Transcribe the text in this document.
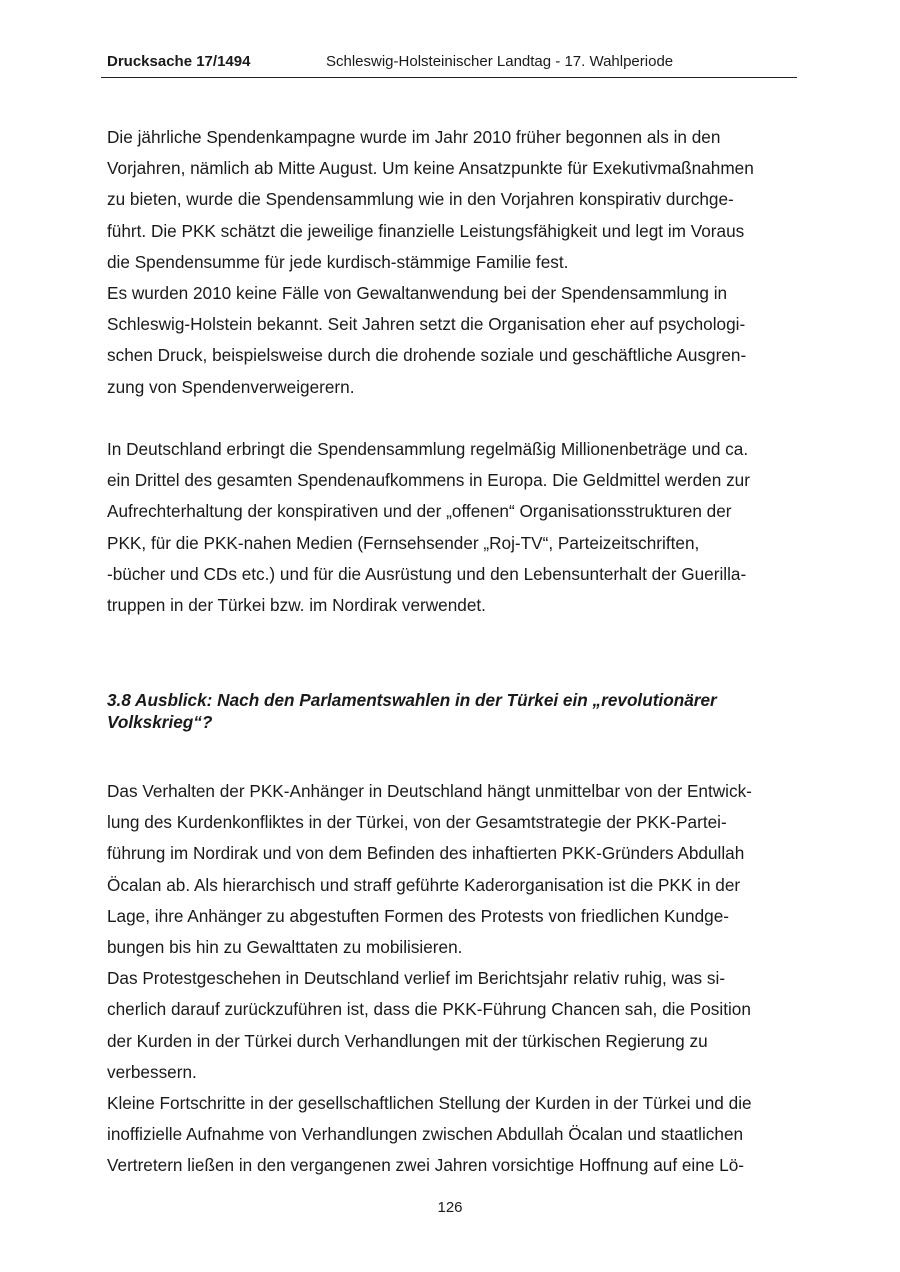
Drucksache 17/1494	Schleswig-Holsteinischer Landtag - 17. Wahlperiode
Die jährliche Spendenkampagne wurde im Jahr 2010 früher begonnen als in den
Vorjahren, nämlich ab Mitte August. Um keine Ansatzpunkte für Exekutivmaßnahmen
zu bieten, wurde die Spendensammlung wie in den Vorjahren konspirativ durchge-
führt. Die PKK schätzt die jeweilige finanzielle Leistungsfähigkeit und legt im Voraus
die Spendensumme für jede kurdisch-stämmige Familie fest.
Es wurden 2010 keine Fälle von Gewaltanwendung bei der Spendensammlung in
Schleswig-Holstein bekannt. Seit Jahren setzt die Organisation eher auf psychologi-
schen Druck, beispielsweise durch die drohende soziale und geschäftliche Ausgren-
zung von Spendenverweigerern.
In Deutschland erbringt die Spendensammlung regelmäßig Millionenbeträge und ca.
ein Drittel des gesamten Spendenaufkommens in Europa. Die Geldmittel werden zur
Aufrechterhaltung der konspirativen und der „offenen“ Organisationsstrukturen der
PKK, für die PKK-nahen Medien (Fernsehsender „Roj-TV“, Parteizeitschriften,
-bücher und CDs etc.) und für die Ausrüstung und den Lebensunterhalt der Guerilla-
truppen in der Türkei bzw. im Nordirak verwendet.
3.8 Ausblick: Nach den Parlamentswahlen in der Türkei ein „revolutionärer
Volkskrieg“?
Das Verhalten der PKK-Anhänger in Deutschland hängt unmittelbar von der Entwick-
lung des Kurdenkonfliktes in der Türkei, von der Gesamtstrategie der PKK-Partei-
führung im Nordirak und von dem Befinden des inhaftierten PKK-Gründers Abdullah
Öcalan ab. Als hierarchisch und straff geführte Kaderorganisation ist die PKK in der
Lage, ihre Anhänger zu abgestuften Formen des Protests von friedlichen Kundge-
bungen bis hin zu Gewalttaten zu mobilisieren.
Das Protestgeschehen in Deutschland verlief im Berichtsjahr relativ ruhig, was si-
cherlich darauf zurückzuführen ist, dass die PKK-Führung Chancen sah, die Position
der Kurden in der Türkei durch Verhandlungen mit der türkischen Regierung zu
verbessern.
Kleine Fortschritte in der gesellschaftlichen Stellung der Kurden in der Türkei und die
inoffizielle Aufnahme von Verhandlungen zwischen Abdullah Öcalan und staatlichen
Vertretern ließen in den vergangenen zwei Jahren vorsichtige Hoffnung auf eine Lö-
126
